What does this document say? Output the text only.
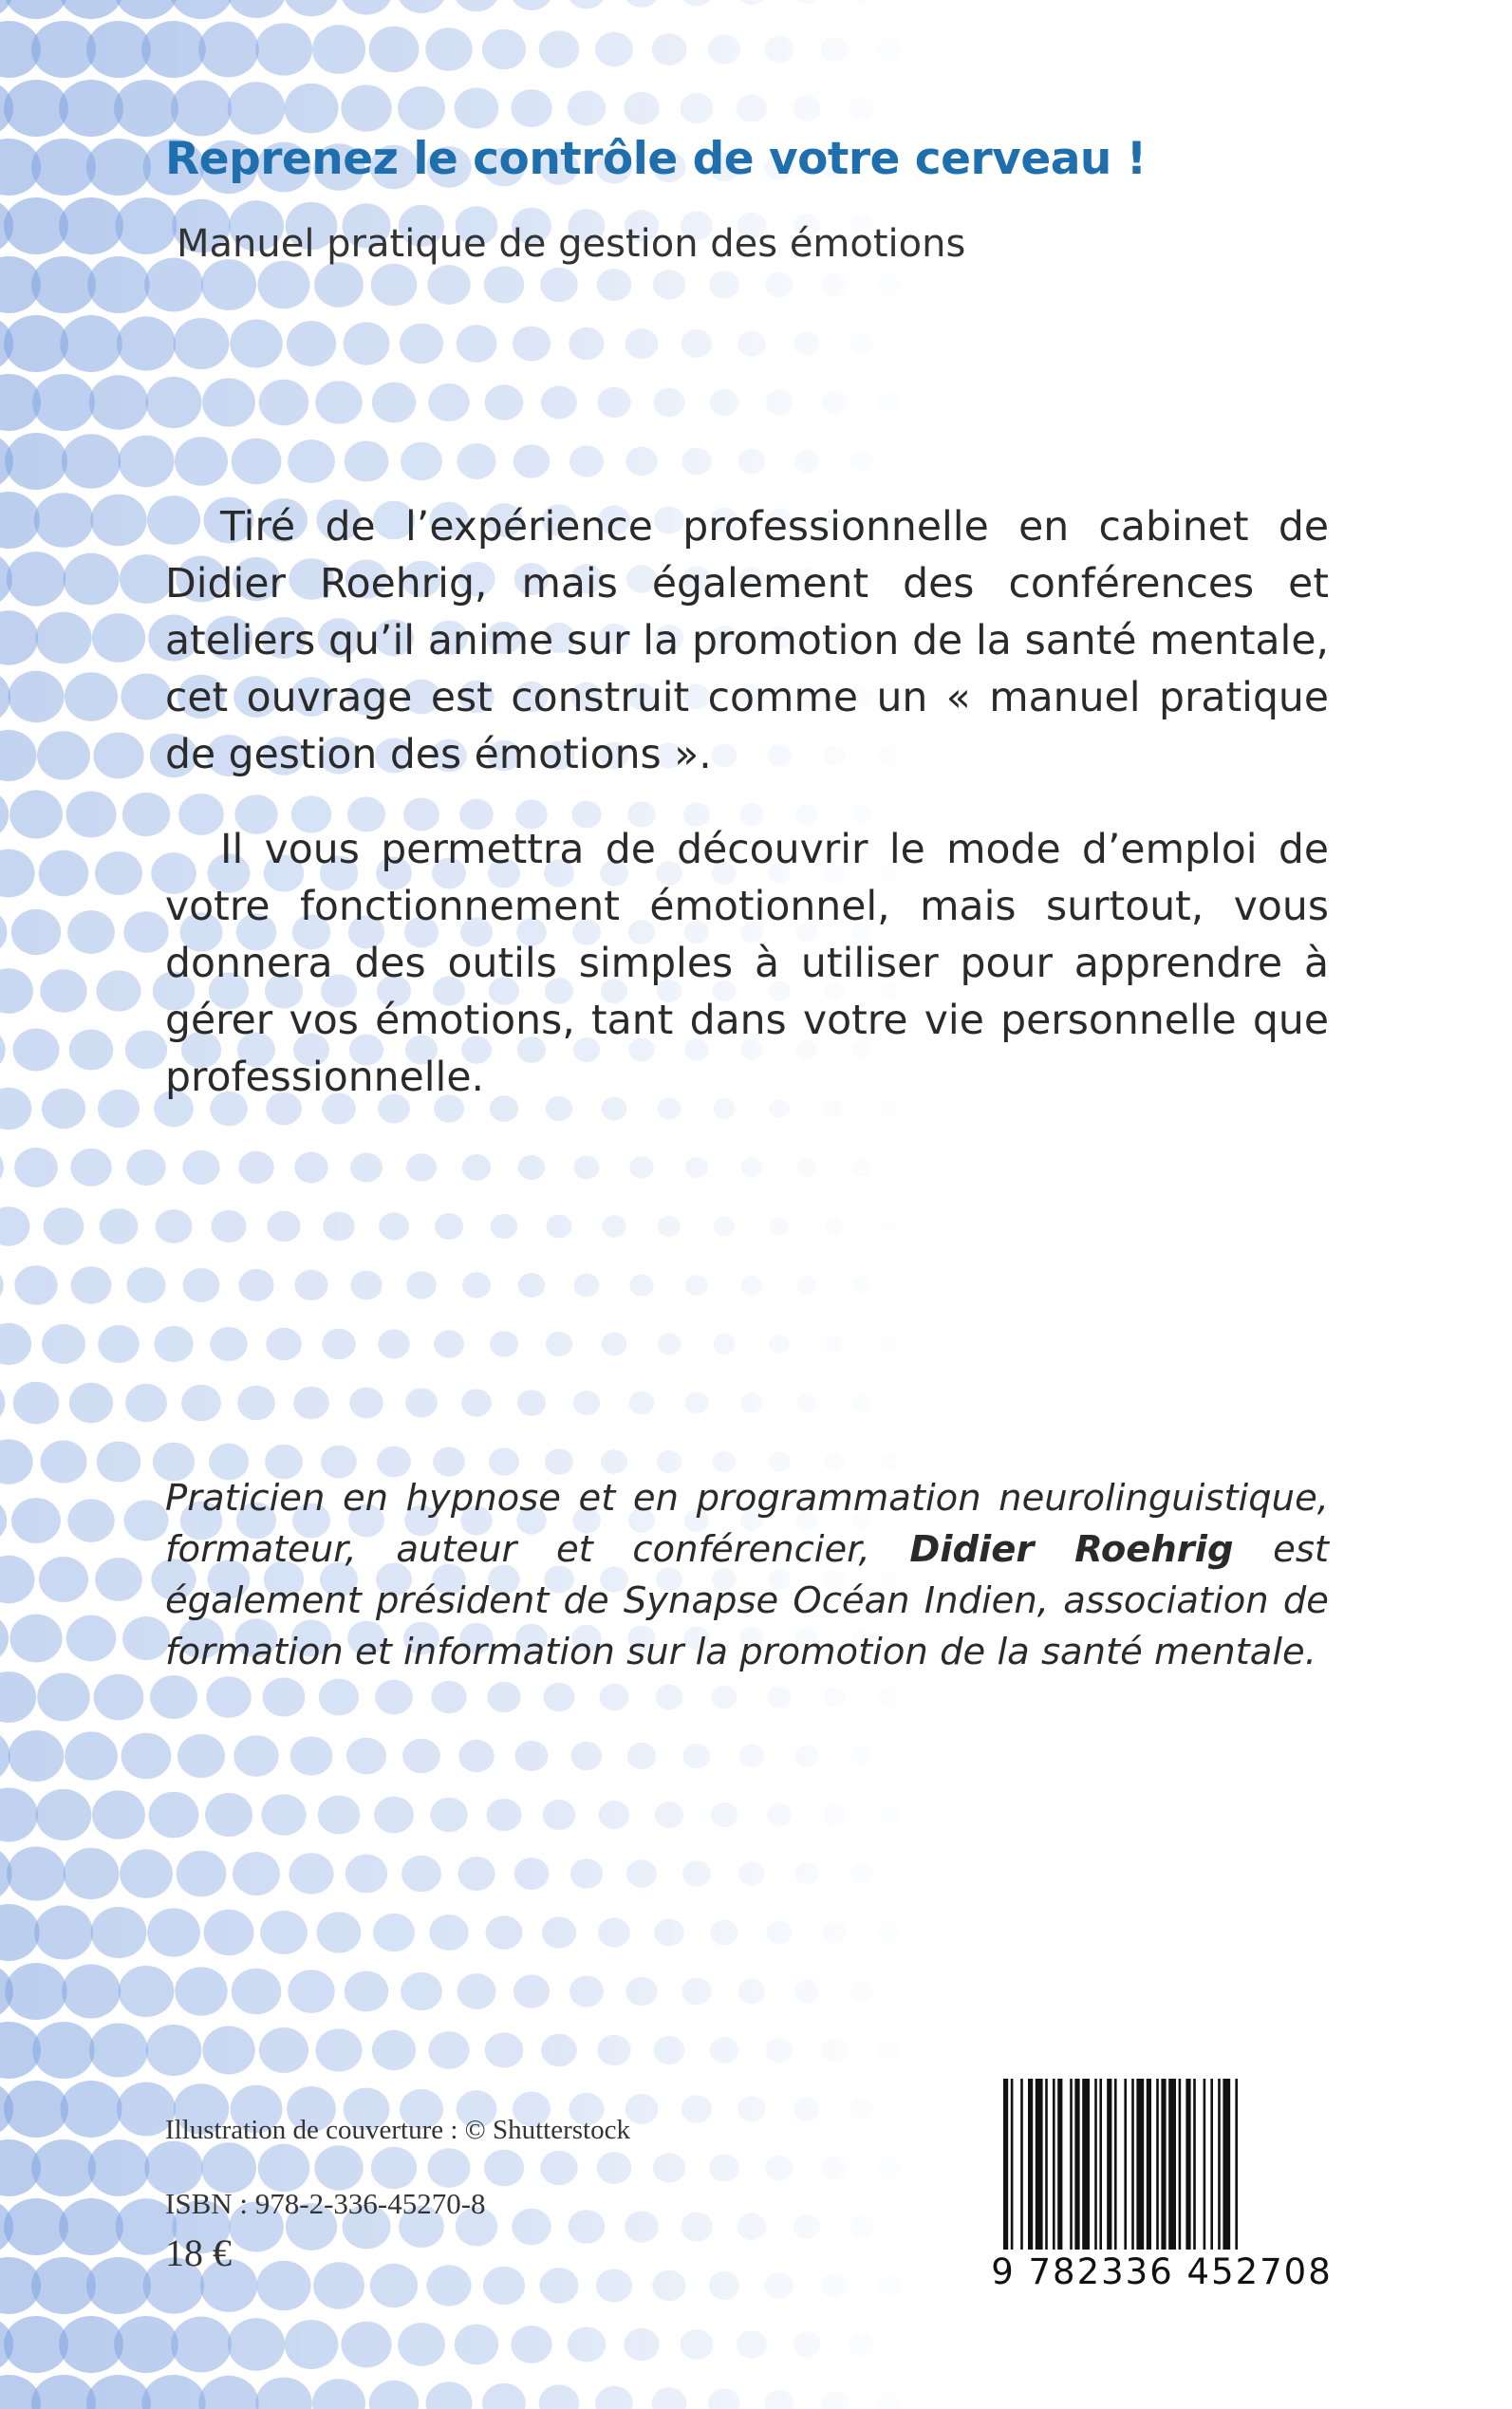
Reprenez le contrôle de votre cerveau !
Manuel pratique de gestion des émotions

Tiré de l’expérience professionnelle en cabinet de Didier Roehrig, mais également des conférences et ateliers qu’il anime sur la promotion de la santé mentale, cet ouvrage est construit comme un « manuel pratique de gestion des émotions ».

Il vous permettra de découvrir le mode d’emploi de votre fonctionnement émotionnel, mais surtout, vous donnera des outils simples à utiliser pour apprendre à gérer vos émotions, tant dans votre vie personnelle que professionnelle.

Praticien en hypnose et en programmation neurolinguistique, formateur, auteur et conférencier, Didier Roehrig est également président de Synapse Océan Indien, association de formation et information sur la promotion de la santé mentale.
Illustration de couverture : © Shutterstock
ISBN : 978-2-336-45270-8
18 €	9 782336 452708
